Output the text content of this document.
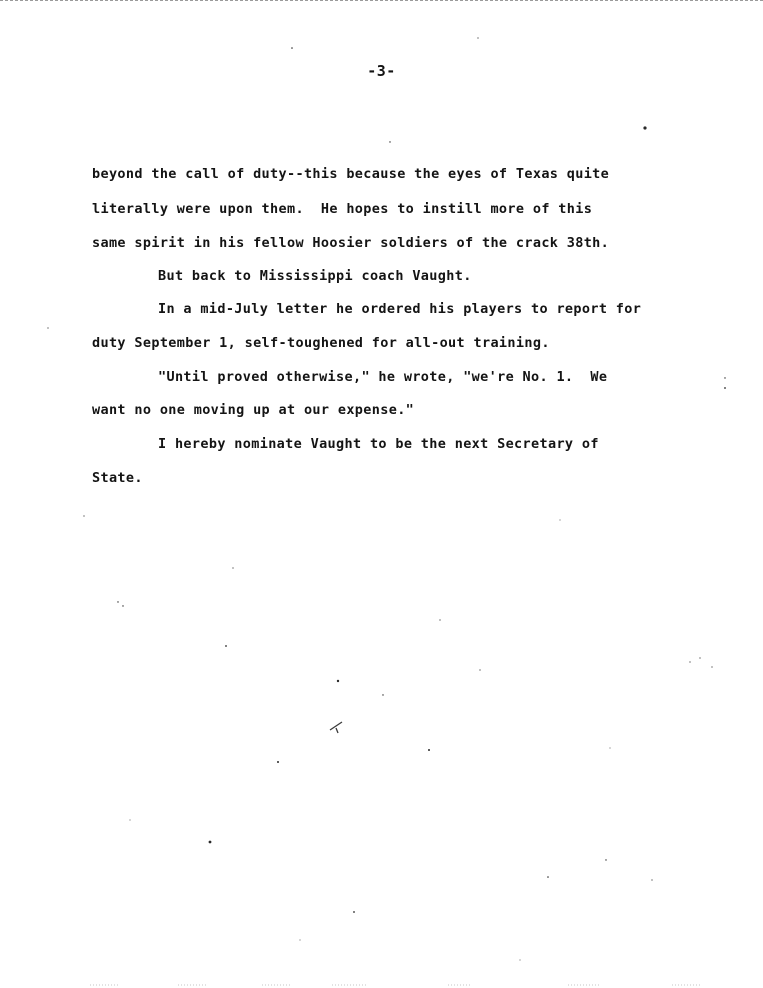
-3-

beyond the call of duty--this because the eyes of Texas quite

literally were upon them.  He hopes to instill more of this

same spirit in his fellow Hoosier soldiers of the crack 38th.

But back to Mississippi coach Vaught.

In a mid-July letter he ordered his players to report for

duty September 1, self-toughened for all-out training.

"Until proved otherwise," he wrote, "we're No. 1.  We

want no one moving up at our expense."

I hereby nominate Vaught to be the next Secretary of

State.
